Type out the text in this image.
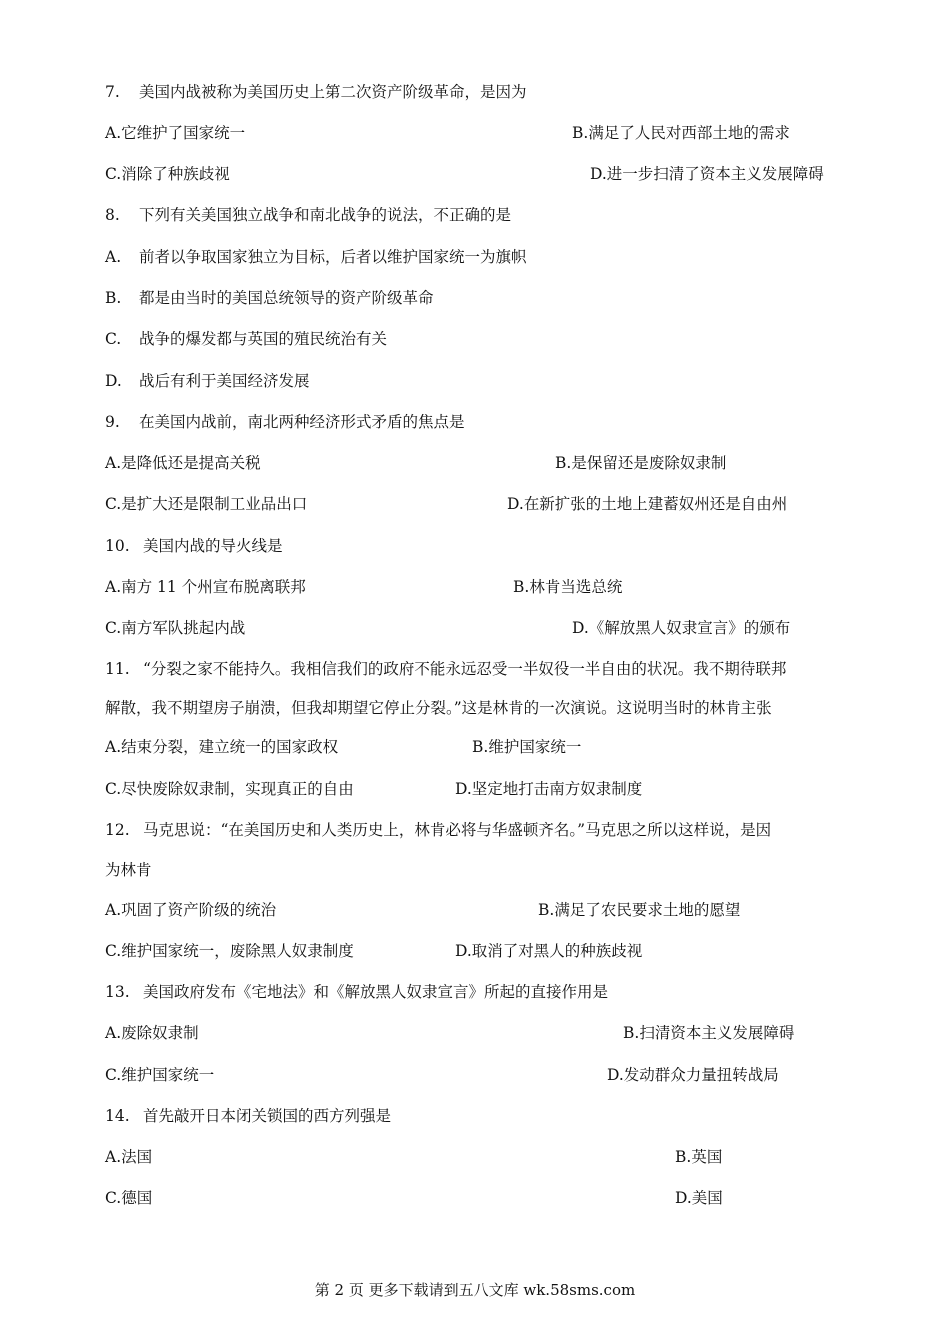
7. 美国内战被称为美国历史上第二次资产阶级革命，是因为
A.它维护了国家统一	B.满足了人民对西部土地的需求
C.消除了种族歧视	D.进一步扫清了资本主义发展障碍
8. 下列有关美国独立战争和南北战争的说法，不正确的是
A. 前者以争取国家独立为目标，后者以维护国家统一为旗帜
B. 都是由当时的美国总统领导的资产阶级革命
C. 战争的爆发都与英国的殖民统治有关
D. 战后有利于美国经济发展
9. 在美国内战前，南北两种经济形式矛盾的焦点是
A.是降低还是提高关税	B.是保留还是废除奴隶制
C.是扩大还是限制工业品出口	D.在新扩张的土地上建蓄奴州还是自由州
10. 美国内战的导火线是
A.南方 11 个州宣布脱离联邦	B.林肯当选总统
C.南方军队挑起内战	D.《解放黑人奴隶宣言》的颁布
11. “分裂之家不能持久。我相信我们的政府不能永远忍受一半奴役一半自由的状况。我不期待联邦
解散，我不期望房子崩溃，但我却期望它停止分裂。”这是林肯的一次演说。这说明当时的林肯主张
A.结束分裂，建立统一的国家政权	B.维护国家统一
C.尽快废除奴隶制，实现真正的自由	D.坚定地打击南方奴隶制度
12. 马克思说：“在美国历史和人类历史上，林肯必将与华盛顿齐名。”马克思之所以这样说，是因
为林肯
A.巩固了资产阶级的统治	B.满足了农民要求土地的愿望
C.维护国家统一，废除黑人奴隶制度	D.取消了对黑人的种族歧视
13. 美国政府发布《宅地法》和《解放黑人奴隶宣言》所起的直接作用是
A.废除奴隶制	B.扫清资本主义发展障碍
C.维护国家统一	D.发动群众力量扭转战局
14. 首先敲开日本闭关锁国的西方列强是
A.法国	B.英国
C.德国	D.美国
第 2 页 更多下载请到五八文库 wk.58sms.com
